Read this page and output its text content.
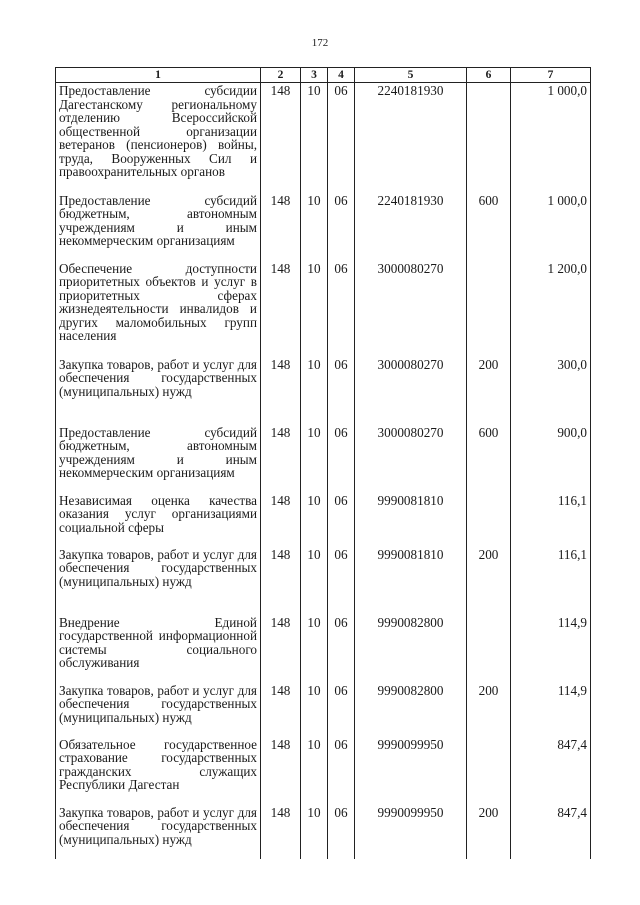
172
1	2	3	4	5	6	7
Предоставление субсидии Дагестанскому региональному отделению Всероссийской общественной организации ветеранов (пенсионеров) войны, труда, Вооруженных Сил и правоохранительных органов	148	10	06	2240181930		1 000,0
Предоставление субсидий бюджетным, автономным учреждениям и иным некоммерческим организациям	148	10	06	2240181930	600	1 000,0
Обеспечение доступности приоритетных объектов и услуг в приоритетных сферах жизнедеятельности инвалидов и других маломобильных групп населения	148	10	06	3000080270		1 200,0
Закупка товаров, работ и услуг для обеспечения государственных (муниципальных) нужд	148	10	06	3000080270	200	300,0
Предоставление субсидий бюджетным, автономным учреждениям и иным некоммерческим организациям	148	10	06	3000080270	600	900,0
Независимая оценка качества оказания услуг организациями социальной сферы	148	10	06	9990081810		116,1
Закупка товаров, работ и услуг для обеспечения государственных (муниципальных) нужд	148	10	06	9990081810	200	116,1
Внедрение Единой государственной информационной системы социального обслуживания	148	10	06	9990082800		114,9
Закупка товаров, работ и услуг для обеспечения государственных (муниципальных) нужд	148	10	06	9990082800	200	114,9
Обязательное государственное страхование государственных гражданских служащих Республики Дагестан	148	10	06	9990099950		847,4
Закупка товаров, работ и услуг для обеспечения государственных (муниципальных) нужд	148	10	06	9990099950	200	847,4
